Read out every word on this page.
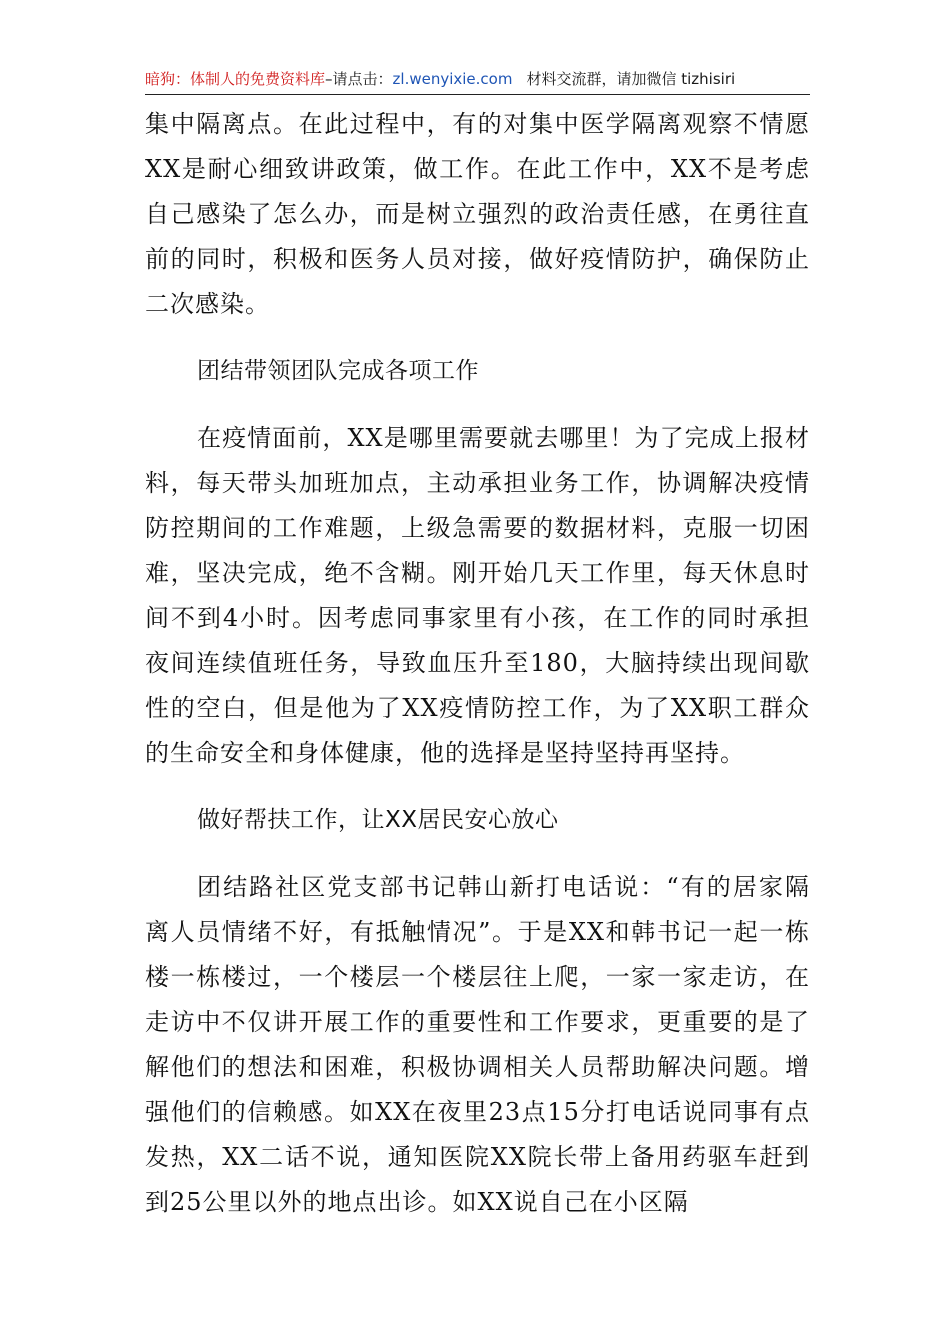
暗狗：体制人的免费资料库–请点击：zl.wenyixie.com 材料交流群，请加微信 tizhisiri

集中隔离点。在此过程中，有的对集中医学隔离观察不情愿XX是耐心细致讲政策，做工作。在此工作中，XX不是考虑自己感染了怎么办，而是树立强烈的政治责任感，在勇往直前的同时，积极和医务人员对接，做好疫情防护，确保防止二次感染。

团结带领团队完成各项工作

在疫情面前，XX是哪里需要就去哪里！为了完成上报材料，每天带头加班加点，主动承担业务工作，协调解决疫情防控期间的工作难题，上级急需要的数据材料，克服一切困难，坚决完成，绝不含糊。刚开始几天工作里，每天休息时间不到4小时。因考虑同事家里有小孩，在工作的同时承担夜间连续值班任务，导致血压升至180，大脑持续出现间歇性的空白，但是他为了XX疫情防控工作，为了XX职工群众的生命安全和身体健康，他的选择是坚持坚持再坚持。

做好帮扶工作，让XX居民安心放心

团结路社区党支部书记韩山新打电话说：“有的居家隔离人员情绪不好，有抵触情况”。于是XX和韩书记一起一栋楼一栋楼过，一个楼层一个楼层往上爬，一家一家走访，在走访中不仅讲开展工作的重要性和工作要求，更重要的是了解他们的想法和困难，积极协调相关人员帮助解决问题。增强他们的信赖感。如XX在夜里23点15分打电话说同事有点发热，XX二话不说，通知医院XX院长带上备用药驱车赶到到25公里以外的地点出诊。如XX说自己在小区隔
